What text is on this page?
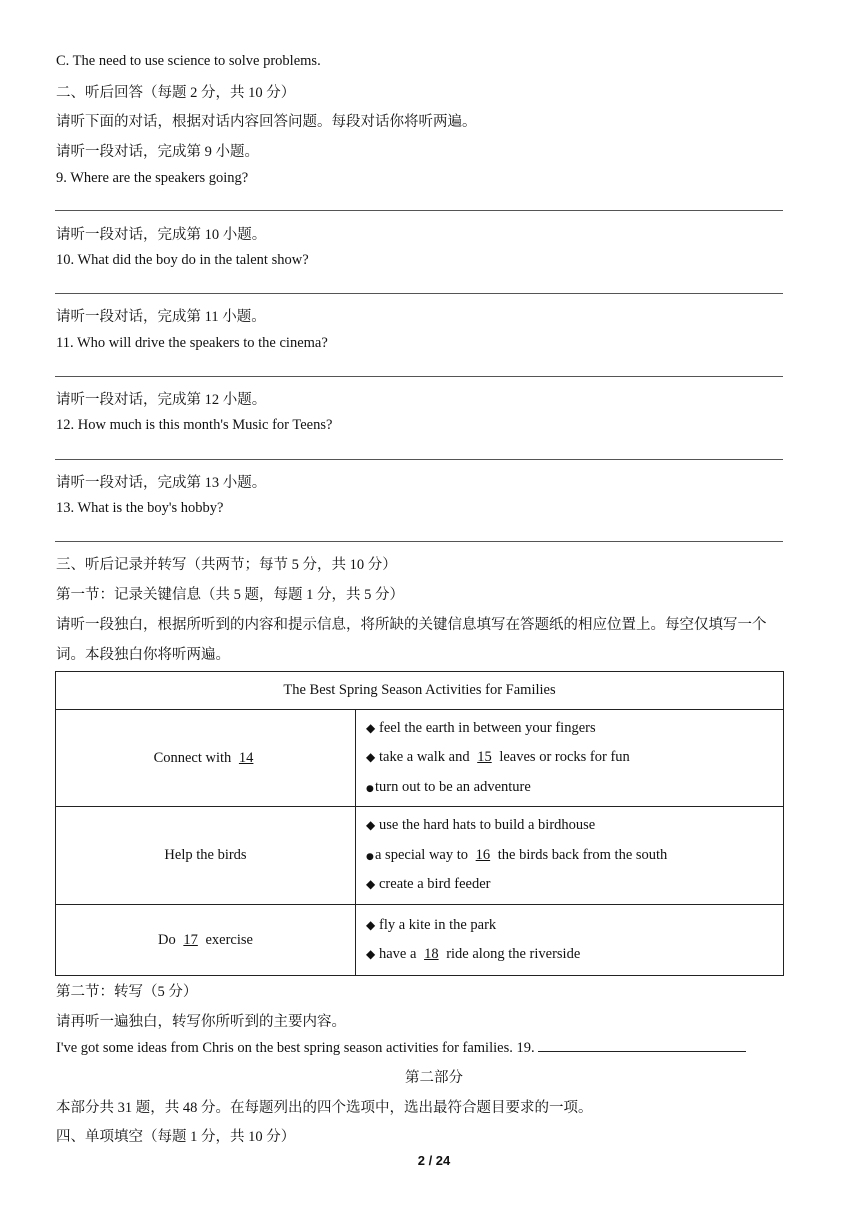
C. The need to use science to solve problems.
二、听后回答（每题 2 分，共 10 分）
请听下面的对话，根据对话内容回答问题。每段对话你将听两遍。
请听一段对话，完成第 9 小题。
9. Where are the speakers going?
请听一段对话，完成第 10 小题。
10. What did the boy do in the talent show?
请听一段对话，完成第 11 小题。
11. Who will drive the speakers to the cinema?
请听一段对话，完成第 12 小题。
12. How much is this month's Music for Teens?
请听一段对话，完成第 13 小题。
13. What is the boy's hobby?
三、听后记录并转写（共两节；每节 5 分，共 10 分）
第一节：记录关键信息（共 5 题，每题 1 分，共 5 分）
请听一段独白，根据所听到的内容和提示信息，将所缺的关键信息填写在答题纸的相应位置上。每空仅填写一个
词。本段独白你将听两遍。
The Best Spring Season Activities for Families	
Connect with 14	◆ feel the earth in between your fingers
◆ take a walk and 15 leaves or rocks for fun
●turn out to be an adventure

Help the birds	◆ use the hard hats to build a birdhouse
●a special way to 16 the birds back from the south
◆ create a bird feeder

Do 17 exercise	◆ fly a kite in the park
◆ have a 18 ride along the riverside
第二节：转写（5 分）
请再听一遍独白，转写你所听到的主要内容。
I've got some ideas from Chris on the best spring season activities for families. 19.
第二部分
本部分共 31 题，共 48 分。在每题列出的四个选项中，选出最符合题目要求的一项。
四、单项填空（每题 1 分，共 10 分）
2 / 24
